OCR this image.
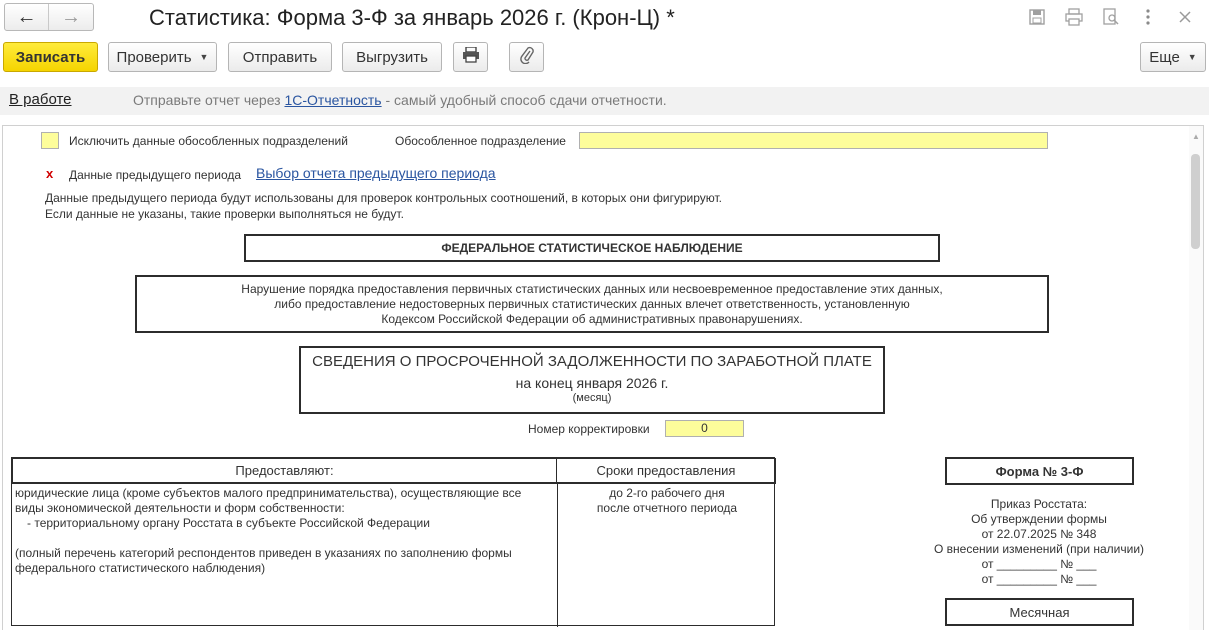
←	→	Статистика: Форма 3-Ф за январь 2026 г. (Крон-Ц) *
Записать	Проверить ▼	Отправить	Выгрузить	Еще ▼
В работе	Отправьте отчет через 1С-Отчетность - самый удобный способ сдачи отчетности.
Исключить данные обособленных подразделений	Обособленное подразделение
x Данные предыдущего периода Выбор отчета предыдущего периода
Данные предыдущего периода будут использованы для проверок контрольных соотношений, в которых они фигурируют.
Если данные не указаны, такие проверки выполняться не будут.
ФЕДЕРАЛЬНОЕ СТАТИСТИЧЕСКОЕ НАБЛЮДЕНИЕ
Нарушение порядка предоставления первичных статистических данных или несвоевременное предоставление этих данных,
либо предоставление недостоверных первичных статистических данных влечет ответственность, установленную
Кодексом Российской Федерации об административных правонарушениях.
СВЕДЕНИЯ О ПРОСРОЧЕННОЙ ЗАДОЛЖЕННОСТИ ПО ЗАРАБОТНОЙ ПЛАТЕ
на конец января 2026 г.
(месяц)
Номер корректировки	0
Предоставляют:	Сроки предоставления
юридические лица (кроме субъектов малого предпринимательства), осуществляющие все
виды экономической деятельности и форм собственности:
- территориальному органу Росстата в субъекте Российской Федерации
(полный перечень категорий респондентов приведен в указаниях по заполнению формы
федерального статистического наблюдения)
до 2-го рабочего дня
после отчетного периода
Форма № 3-Ф
Приказ Росстата:
Об утверждении формы
от 22.07.2025 № 348
О внесении изменений (при наличии)
от _________ № ___
от _________ № ___
Месячная
▲
